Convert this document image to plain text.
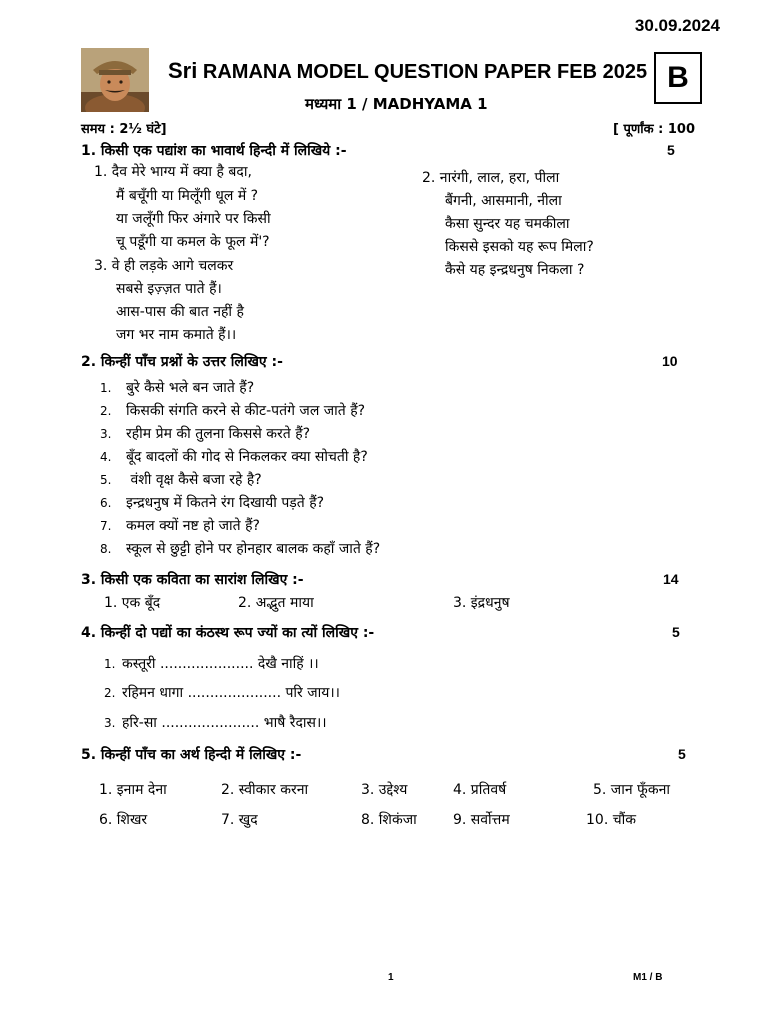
30.09.2024
Sri RAMANA MODEL QUESTION PAPER FEB 2025
मध्यमा 1 / MADHYAMA 1
B
समय : 2½ घंटे]	[ पूर्णांक : 100
1. किसी एक पद्यांश का भावार्थ हिन्दी में लिखिये :-	5
1. दैव मेरे भाग्य में क्या है बदा,
मैं बचूँगी या मिलूँगी धूल में ?
या जलूँगी फिर अंगारे पर किसी
चू पडूँगी या कमल के फूल में'?
2. नारंगी, लाल, हरा, पीला
बैंगनी, आसमानी, नीला
कैसा सुन्दर यह चमकीला
किससे इसको यह रूप मिला?
कैसे यह इन्द्रधनुष निकला ?
3. वे ही लड़के आगे चलकर
सबसे इज़्ज़त पाते हैं।
आस-पास की बात नहीं है
जग भर नाम कमाते हैं।।
2. किन्हीं पाँच प्रश्नों के उत्तर लिखिए :-	10
1. बुरे कैसे भले बन जाते हैं?
2. किसकी संगति करने से कीट-पतंगे जल जाते हैं?
3. रहीम प्रेम की तुलना किससे करते हैं?
4. बूँद बादलों की गोद से निकलकर क्या सोचती है?
5. वंशी वृक्ष कैसे बजा रहे है?
6. इन्द्रधनुष में कितने रंग दिखायी पड़ते हैं?
7. कमल क्यों नष्ट हो जाते हैं?
8. स्कूल से छुट्टी होने पर होनहार बालक कहाँ जाते हैं?
3. किसी एक कविता का सारांश लिखिए :-	14
1. एक बूँद	2. अद्भुत माया	3. इंद्रधनुष
4. किन्हीं दो पद्यों का कंठस्थ रूप ज्यों का त्यों लिखिए :-	5
1. कस्तूरी ..................... देखै नाहिं ।।
2. रहिमन धागा ..................... परि जाय।।
3. हरि-सा ...................... भाषै रैदास।।
5. किन्हीं पाँच का अर्थ हिन्दी में लिखिए :-	5
1. इनाम देना	2. स्वीकार करना	3. उद्देश्य	4. प्रतिवर्ष	5. जान फूँकना
6. शिखर	7. खुद	8. शिकंजा	9. सर्वोत्तम	10. चौंक
1	M1 / B
